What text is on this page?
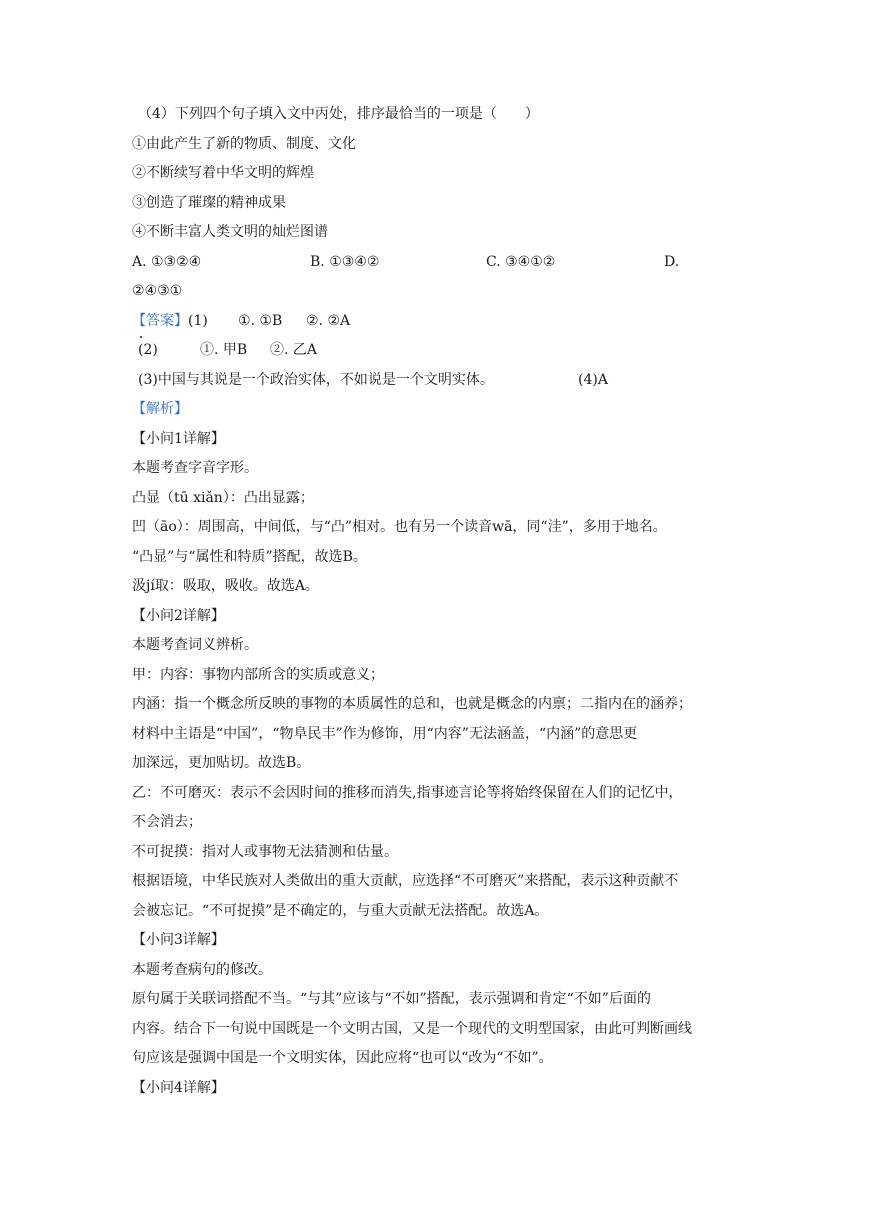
（4）下列四个句子填入文中丙处，排序最恰当的一项是（　　）
①由此产生了新的物质、制度、文化
②不断续写着中华文明的辉煌
③创造了璀璨的精神成果
④不断丰富人类文明的灿烂图谱
A. ①③②④	B. ①③④②	C. ③④①②	D.
②④③①
【答案】(1) ①. ①B ②. ②A
(2)	①. 甲B ②. 乙A
(3)中国与其说是一个政治实体，不如说是一个文明实体。	(4)A
【解析】
【小问1详解】
本题考查字音字形。
凸显（tū xiǎn）：凸出显露；
凹（āo）：周围高，中间低，与“凸”相对。也有另一个读音wā，同“洼”，多用于地名。
“凸显”与“属性和特质”搭配，故选B。
汲jí取：吸取，吸收。故选A。
【小问2详解】
本题考查词义辨析。
甲：内容：事物内部所含的实质或意义；
内涵：指一个概念所反映的事物的本质属性的总和，也就是概念的内禀；二指内在的涵养；
材料中主语是“中国”，“物阜民丰”作为修饰，用“内容”无法涵盖，“内涵”的意思更
加深远，更加贴切。故选B。
乙：不可磨灭：表示不会因时间的推移而消失,指事迹言论等将始终保留在人们的记忆中，
不会消去；
不可捉摸：指对人或事物无法猜测和估量。
根据语境，中华民族对人类做出的重大贡献，应选择“不可磨灭”来搭配，表示这种贡献不
会被忘记。“不可捉摸”是不确定的，与重大贡献无法搭配。故选A。
【小问3详解】
本题考查病句的修改。
原句属于关联词搭配不当。“与其”应该与“不如”搭配，表示强调和肯定“不如”后面的
内容。结合下一句说中国既是一个文明古国，又是一个现代的文明型国家，由此可判断画线
句应该是强调中国是一个文明实体，因此应将“也可以“改为“不如”。
【小问4详解】
